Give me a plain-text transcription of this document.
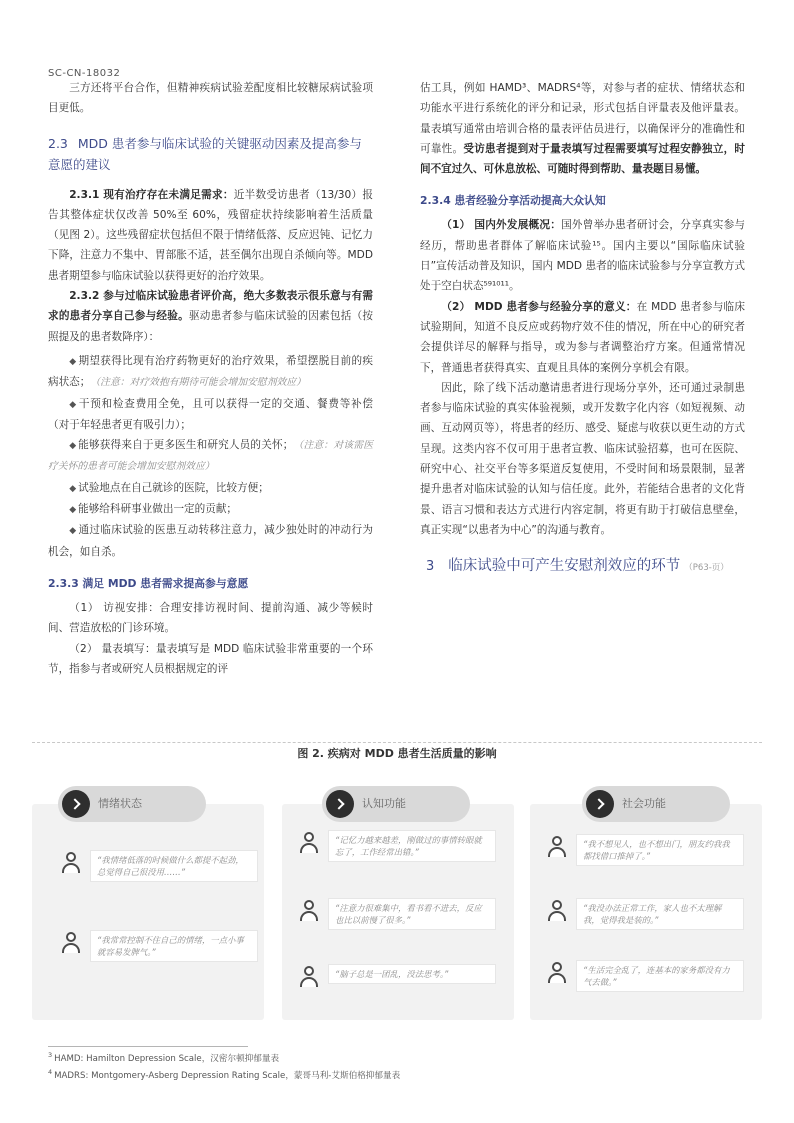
SC-CN-18032

三方还将平台合作，但精神疾病试验差配度相比较糖尿病试验项目更低。

2.3 MDD 患者参与临床试验的关键驱动因素及提高参与意愿的建议

2.3.1 现有治疗存在未满足需求：近半数受访患者（13/30）报告其整体症状仅改善 50%至 60%，残留症状持续影响着生活质量（见图 2）。这些残留症状包括但不限于情绪低落、反应迟钝、记忆力下降，注意力不集中、胃部胀不适，甚至偶尔出现自杀倾向等。MDD 患者期望参与临床试验以获得更好的治疗效果。

2.3.2 参与过临床试验患者评价高，绝大多数表示很乐意与有需求的患者分享自己参与经验。驱动患者参与临床试验的因素包括（按照提及的患者数降序）：

◆ 期望获得比现有治疗药物更好的治疗效果，希望摆脱目前的疾病状态；（注意：对疗效抱有期待可能会增加安慰剂效应）
◆ 干预和检查费用全免，且可以获得一定的交通、餐费等补偿（对于年轻患者更有吸引力）；
◆ 能够获得来自于更多医生和研究人员的关怀；（注意：对该需医疗关怀的患者可能会增加安慰剂效应）
◆ 试验地点在自己就诊的医院，比较方便；
◆ 能够给科研事业做出一定的贡献；
◆ 通过临床试验的医患互动转移注意力，减少独处时的冲动行为机会，如自杀。
2.3.3 满足 MDD 患者需求提高参与意愿

（1） 访视安排：合理安排访视时间、提前沟通、减少等候时间、营造放松的门诊环境。

（2） 量表填写：量表填写是 MDD 临床试验非常重要的一个环节，指参与者或研究人员根据规定的评

估工具，例如 HAMD³、MADRS⁴等，对参与者的症状、情绪状态和功能水平进行系统化的评分和记录，形式包括自评量表及他评量表。量表填写通常由培训合格的量表评估员进行，以确保评分的准确性和可靠性。受访患者提到对于量表填写过程需要填写过程安静独立，时间不宜过久、可休息放松、可随时得到帮助、量表题目易懂。

2.3.4 患者经验分享活动提高大众认知

（1） 国内外发展概况：国外曾举办患者研讨会，分享真实参与经历，帮助患者群体了解临床试验¹⁵。国内主要以“国际临床试验日”宣传活动普及知识，国内 MDD 患者的临床试验参与分享宣教方式处于空白状态⁵⁹¹⁰¹¹。

（2） MDD 患者参与经验分享的意义：在 MDD 患者参与临床试验期间，知道不良反应或药物疗效不佳的情况，所在中心的研究者会提供详尽的解释与指导，或为参与者调整治疗方案。但通常情况下，普通患者获得真实、直观且具体的案例分享机会有限。

因此，除了线下活动邀请患者进行现场分享外，还可通过录制患者参与临床试验的真实体验视频，或开发数字化内容（如短视频、动画、互动网页等），将患者的经历、感受、疑虑与收获以更生动的方式呈现。这类内容不仅可用于患者宣教、临床试验招募，也可在医院、研究中心、社交平台等多渠道反复使用，不受时间和场景限制，显著提升患者对临床试验的认知与信任度。此外，若能结合患者的文化背景、语言习惯和表达方式进行内容定制，将更有助于打破信息壁垒，真正实现“以患者为中心”的沟通与教育。

3 临床试验中可产生安慰剂效应的环节 （P63-页）
图 2. 疾病对 MDD 患者生活质量的影响
情绪状态
“我情绪低落的时候做什么都提不起劲，总觉得自己很没用……”
“我常常控制不住自己的情绪，一点小事就容易发脾气。”
认知功能
“记忆力越来越差，刚做过的事情转眼就忘了，工作经常出错。”
“注意力很难集中，看书看不进去，反应也比以前慢了很多。”
“脑子总是一团乱，没法思考。”
社会功能
“我不想见人，也不想出门，朋友约我我都找借口推掉了。”
“我没办法正常工作，家人也不太理解我，觉得我是装的。”
“生活完全乱了，连基本的家务都没有力气去做。”
$^3$ HAMD: Hamilton Depression Scale，汉密尔顿抑郁量表
$^4$ MADRS: Montgomery-Asberg Depression Rating Scale，蒙哥马利-艾斯伯格抑郁量表
